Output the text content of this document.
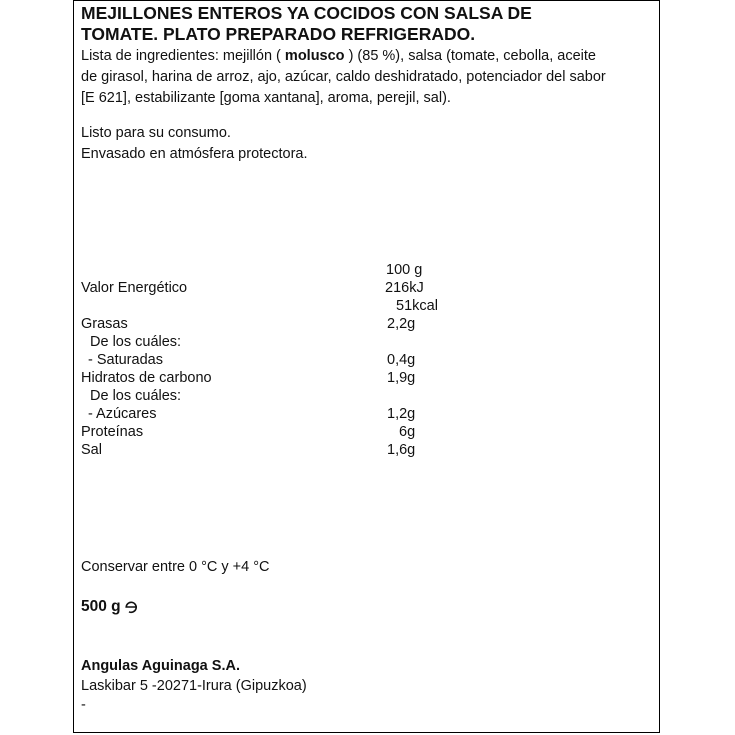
MEJILLONES ENTEROS YA COCIDOS CON SALSA DE
TOMATE. PLATO PREPARADO REFRIGERADO.
Lista de ingredientes: mejillón ( molusco ) (85 %), salsa (tomate, cebolla, aceite
de girasol, harina de arroz, ajo, azúcar, caldo deshidratado, potenciador del sabor
[E 621], estabilizante [goma xantana], aroma, perejil, sal).
Listo para su consumo.
Envasado en atmósfera protectora.
100 g
Valor Energético	216kJ
51kcal
Grasas	2,2g
De los cuáles:
- Saturadas	0,4g
Hidratos de carbono	1,9g
De los cuáles:
- Azúcares	1,2g
Proteínas	6g
Sal	1,6g
Conservar entre 0 °C y +4 °C
500 g
Angulas Aguinaga S.A.
Laskibar 5 -20271-Irura (Gipuzkoa)
-
